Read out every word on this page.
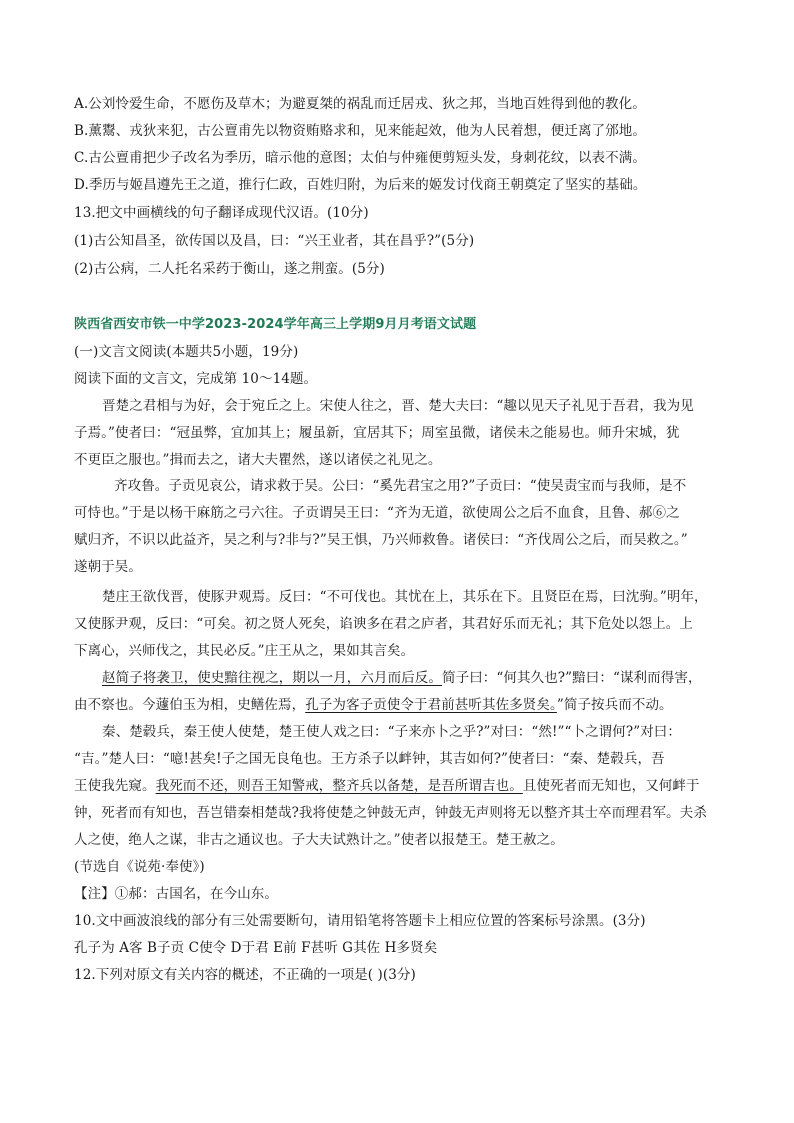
A.公刘怜爱生命，不愿伤及草木；为避夏桀的祸乱而迁居戎、狄之邦，当地百姓得到他的教化。
B.薰鬻、戎狄来犯，古公亶甫先以物资贿赂求和，见来能起效，他为人民着想，便迁离了邠地。
C.古公亶甫把少子改名为季历，暗示他的意图；太伯与仲雍便剪短头发，身刺花纹，以表不满。
D.季历与姬昌遵先王之道，推行仁政，百姓归附，为后来的姬发讨伐商王朝奠定了坚实的基础。
13.把文中画横线的句子翻译成现代汉语。(10分)
(1)古公知昌圣，欲传国以及昌，曰：“兴王业者，其在昌乎?”(5分)
(2)古公病，二人托名采药于衡山，遂之荆蛮。(5分)
陕西省西安市铁一中学2023-2024学年高三上学期9月月考语文试题
(一)文言文阅读(本题共5小题，19分)
阅读下面的文言文，完成第 10～14题。
晋楚之君相与为好，会于宛丘之上。宋使人往之，晋、楚大夫曰：“趣以见天子礼见于吾君，我为见
子焉。”使者曰：“冠虽弊，宜加其上；履虽新，宜居其下；周室虽微，诸侯未之能易也。师升宋城，犹
不更臣之服也。”揖而去之，诸大夫瞿然，遂以诸侯之礼见之。
齐攻鲁。子贡见哀公，请求救于吴。公曰：“奚先君宝之用?”子贡曰：“使吴责宝而与我师，是不
可恃也。”于是以杨干麻筋之弓六往。子贡谓吴王曰：“齐为无道，欲使周公之后不血食，且鲁、郝⑥之
赋归齐，不识以此益齐，吴之利与?非与?”吴王惧，乃兴师救鲁。诸侯曰：“齐伐周公之后，而吴救之。”
遂朝于吴。
楚庄王欲伐晋，使豚尹观焉。反曰：“不可伐也。其忧在上，其乐在下。且贤臣在焉，曰沈驹。”明年，
又使豚尹观，反曰：“可矣。初之贤人死矣，谄谀多在君之庐者，其君好乐而无礼；其下危处以怨上。上
下离心，兴师伐之，其民必反。”庄王从之，果如其言矣。
赵简子将袭卫，使史黯往视之，期以一月，六月而后反。简子曰：“何其久也?”黯曰：“谋利而得害，
由不察也。今蘧伯玉为相，史鳝佐焉，孔子为客子贡使令于君前甚听其佐多贤矣。”简子按兵而不动。
秦、楚毂兵，秦王使人使楚，楚王使人戏之曰：“子来亦卜之乎?”对曰：“然!”“卜之谓何?”对曰：
“吉。”楚人曰：“噫!甚矣!子之国无良龟也。王方杀子以衅钟，其吉如何?”使者曰：“秦、楚毂兵，吾
王使我先窥。我死而不还，则吾王知警戒，整齐兵以备楚，是吾所谓吉也。且使死者而无知也，又何衅于
钟，死者而有知也，吾岂错秦相楚哉?我将使楚之钟鼓无声，钟鼓无声则将无以整齐其士卒而理君军。夫杀
人之使，绝人之谋，非古之通议也。子大夫试熟计之。”使者以报楚王。楚王赦之。
(节选自《说苑·奉使》)
【注】①郝：古国名，在今山东。
10.文中画波浪线的部分有三处需要断句，请用铅笔将答题卡上相应位置的答案标号涂黑。(3分)
孔子为 A客 B子贡 C使令 D于君 E前 F甚听 G其佐 H多贤矣
12.下列对原文有关内容的概述，不正确的一项是( )(3分)
